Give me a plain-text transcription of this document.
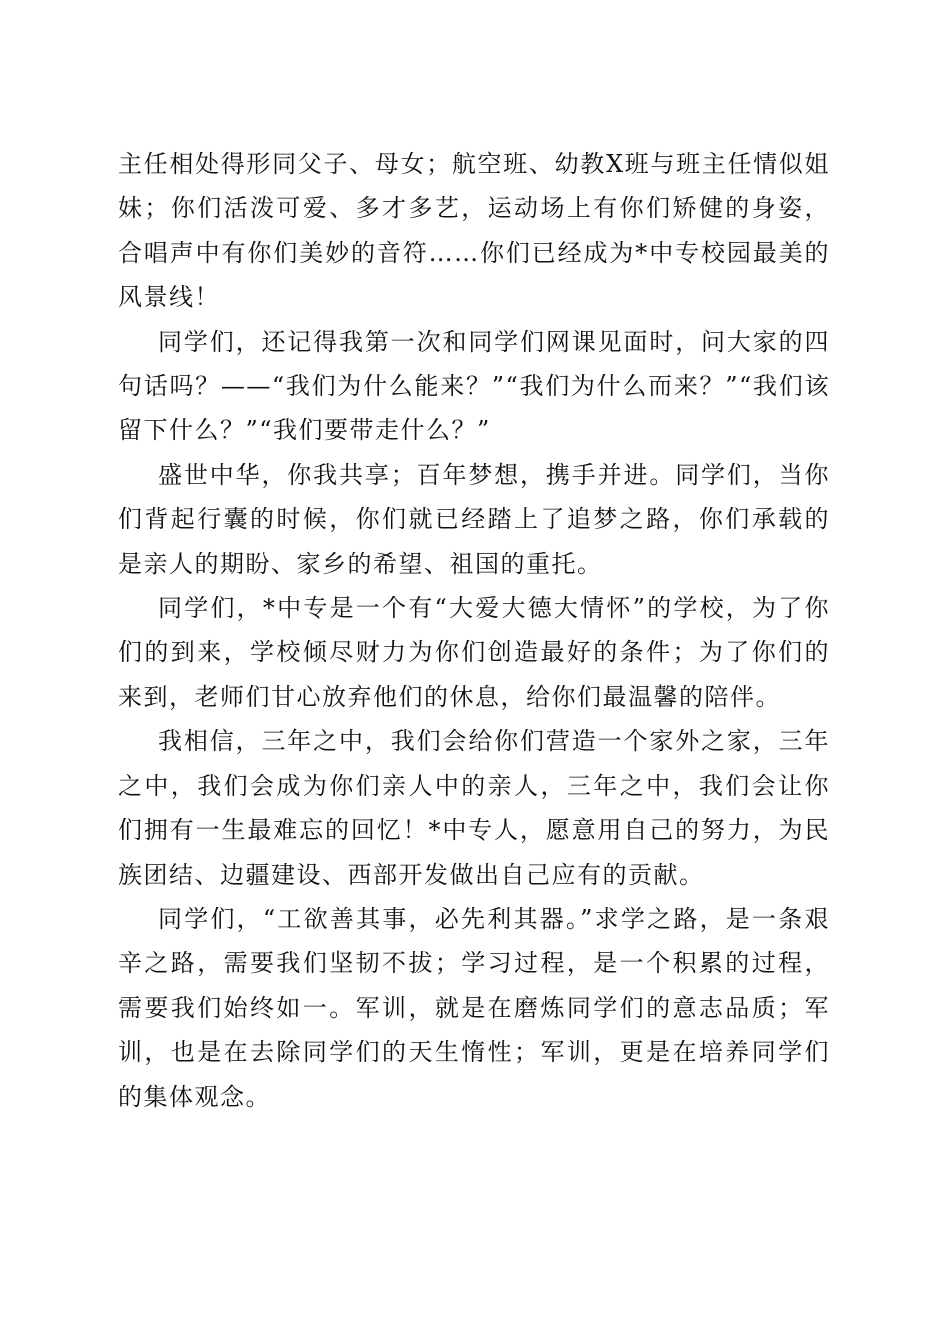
主任相处得形同父子、母女；航空班、幼教X班与班主任情似姐妹；你们活泼可爱、多才多艺，运动场上有你们矫健的身姿，合唱声中有你们美妙的音符……你们已经成为*中专校园最美的风景线！

同学们，还记得我第一次和同学们网课见面时，问大家的四句话吗？——“我们为什么能来？”“我们为什么而来？”“我们该留下什么？”“我们要带走什么？”

盛世中华，你我共享；百年梦想，携手并进。同学们，当你们背起行囊的时候，你们就已经踏上了追梦之路，你们承载的是亲人的期盼、家乡的希望、祖国的重托。

同学们，*中专是一个有“大爱大德大情怀”的学校，为了你们的到来，学校倾尽财力为你们创造最好的条件；为了你们的来到，老师们甘心放弃他们的休息，给你们最温馨的陪伴。

我相信，三年之中，我们会给你们营造一个家外之家，三年之中，我们会成为你们亲人中的亲人，三年之中，我们会让你们拥有一生最难忘的回忆！*中专人，愿意用自己的努力，为民族团结、边疆建设、西部开发做出自己应有的贡献。

同学们，“工欲善其事，必先利其器。”求学之路，是一条艰辛之路，需要我们坚韧不拔；学习过程，是一个积累的过程，需要我们始终如一。军训，就是在磨炼同学们的意志品质；军训，也是在去除同学们的天生惰性；军训，更是在培养同学们的集体观念。
